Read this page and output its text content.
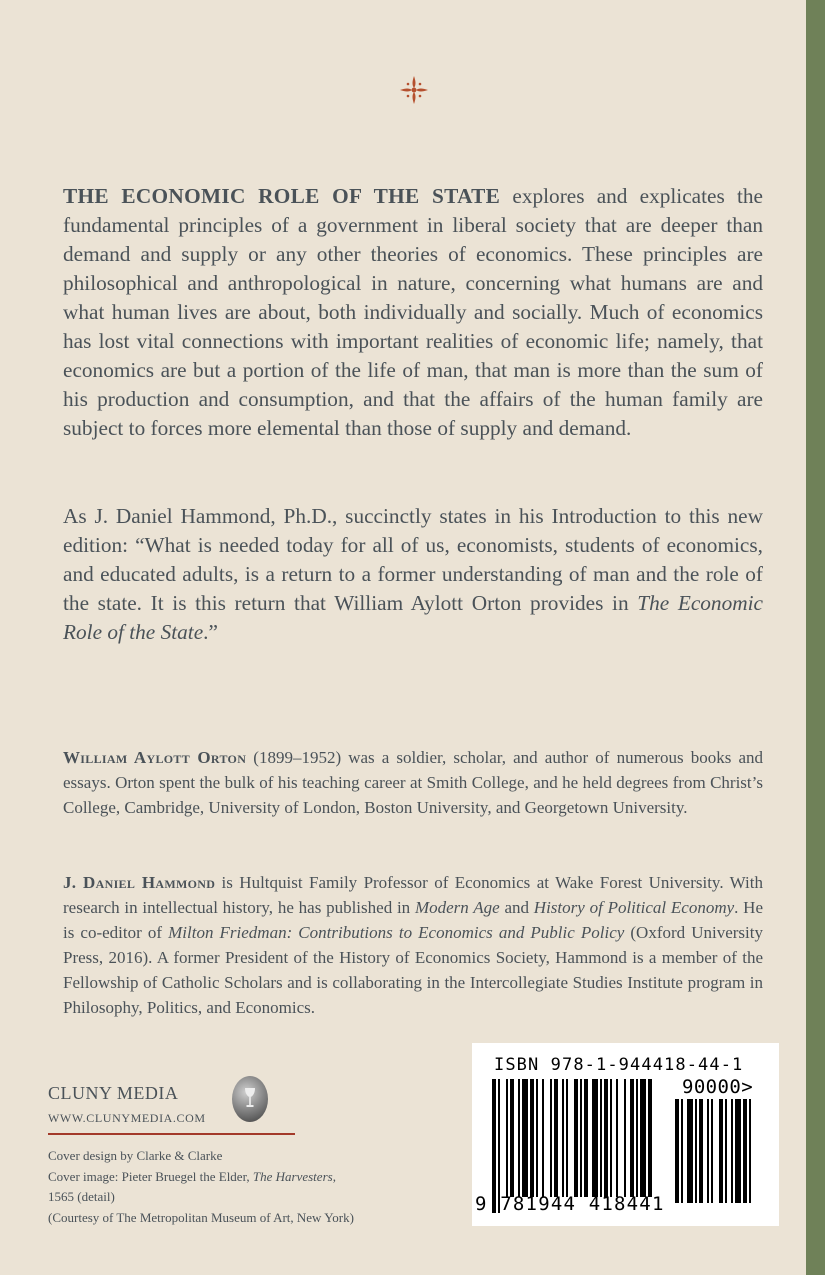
THE ECONOMIC ROLE OF THE STATE explores and explicates the fundamental principles of a government in liberal society that are deeper than demand and supply or any other theories of economics. These principles are philosophical and anthropological in nature, concerning what humans are and what human lives are about, both individually and socially. Much of economics has lost vital connections with important realities of economic life; namely, that economics are but a portion of the life of man, that man is more than the sum of his production and consumption, and that the affairs of the human family are subject to forces more elemental than those of supply and demand.

As J. Daniel Hammond, Ph.D., succinctly states in his Introduction to this new edition: “What is needed today for all of us, economists, students of economics, and educated adults, is a return to a former understanding of man and the role of the state. It is this return that William Aylott Orton provides in The Economic Role of the State.”

William Aylott Orton (1899–1952) was a soldier, scholar, and author of numerous books and essays. Orton spent the bulk of his teaching career at Smith College, and he held degrees from Christ’s College, Cambridge, University of London, Boston University, and Georgetown University.

J. Daniel Hammond is Hultquist Family Professor of Economics at Wake Forest University. With research in intellectual history, he has published in Modern Age and History of Political Economy. He is co-editor of Milton Friedman: Contributions to Economics and Public Policy (Oxford University Press, 2016). A former President of the History of Economics Society, Hammond is a member of the Fellowship of Catholic Scholars and is collaborating in the Intercollegiate Studies Institute program in Philosophy, Politics, and Economics.

CLUNY MEDIA
WWW.CLUNYMEDIA.COM
Cover design by Clarke & Clarke
Cover image: Pieter Bruegel the Elder, The Harvesters,
1565 (detail)
(Courtesy of The Metropolitan Museum of Art, New York)
ISBN 978-1-944418-44-1
90000>
9 781944 418441
